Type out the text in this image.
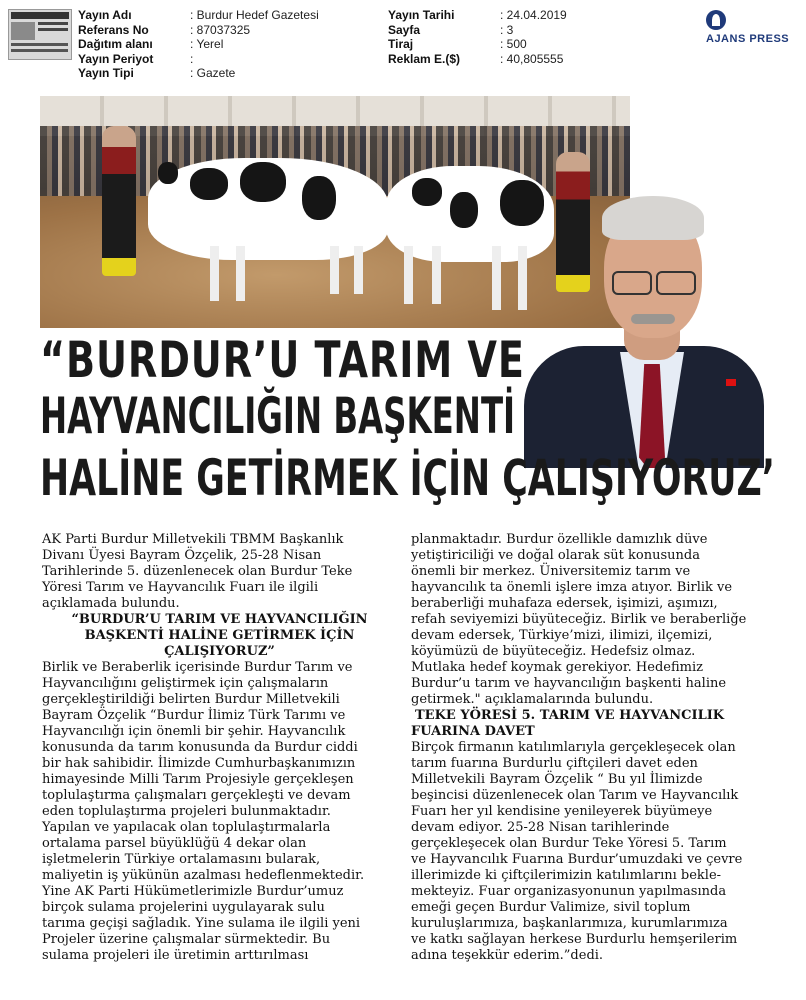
Yayın Adı	: Burdur Hedef Gazetesi
Referans No	: 87037325
Dağıtım alanı	: Yerel
Yayın Periyot	:
Yayın Tipi	: Gazete
Yayın Tarihi	: 24.04.2019
Sayfa	: 3
Tiraj	: 500
Reklam E.($)	: 40,805555
AJANS PRESS
“BURDUR’U TARIM VE
HAYVANCILIĞIN BAŞKENTİ
HALİNE GETİRMEK İÇİN ÇALIŞIYORUZ’
AK Parti Burdur Milletvekili TBMM Başkanlık
Divanı Üyesi Bayram Özçelik, 25-28 Nisan
Tarihlerinde 5. düzenlenecek olan Burdur Teke
Yöresi Tarım ve Hayvancılık Fuarı ile ilgili
açıklamada bulundu.
“BURDUR’U TARIM VE HAYVANCILIĞIN
BAŞKENTİ HALİNE GETİRMEK İÇİN
ÇALIŞIYORUZ”
Birlik ve Beraberlik içerisinde Burdur Tarım ve
Hayvancılığını geliştirmek için çalışmaların
gerçekleştirildiği belirten Burdur Milletvekili
Bayram Özçelik “Burdur İlimiz Türk Tarımı ve
Hayvancılığı için önemli bir şehir. Hayvancılık
konusunda da tarım konusunda da Burdur ciddi
bir hak sahibidir. İlimizde Cumhurbaşkanımızın
himayesinde Milli Tarım Projesiyle gerçekleşen
toplulaştırma çalışmaları gerçekleşti ve devam
eden toplulaştırma projeleri bulunmaktadır.
Yapılan ve yapılacak olan toplulaştırmalarla
ortalama parsel büyüklüğü 4 dekar olan
işletmelerin Türkiye ortalamasını bularak,
maliyetin iş yükünün azalması hedeflenmektedir.
Yine AK Parti Hükümetlerimizle Burdur’umuz
birçok sulama projelerini uygulayarak sulu
tarıma geçişi sağladık. Yine sulama ile ilgili yeni
Projeler üzerine çalışmalar sürmektedir. Bu
sulama projeleri ile üretimin arttırılması
planmaktadır. Burdur özellikle damızlık düve
yetiştiriciliği ve doğal olarak süt konusunda
önemli bir merkez. Üniversitemiz tarım ve
hayvancılık ta önemli işlere imza atıyor. Birlik ve
beraberliği muhafaza edersek, işimizi, aşımızı,
refah seviyemizi büyüteceğiz. Birlik ve beraberliğe
devam edersek, Türkiye’mizi, ilimizi, ilçemizi,
köyümüzü de büyüteceğiz. Hedefsiz olmaz.
Mutlaka hedef koymak gerekiyor. Hedefimiz
Burdur’u tarım ve hayvancılığın başkenti haline
getirmek." açıklamalarında bulundu.
TEKE YÖRESİ 5. TARIM VE HAYVANCILIK
FUARINA DAVET
Birçok firmanın katılımlarıyla gerçekleşecek olan
tarım fuarına Burdurlu çiftçileri davet eden
Milletvekili Bayram Özçelik “ Bu yıl İlimizde
beşincisi düzenlenecek olan Tarım ve Hayvancılık
Fuarı her yıl kendisine yenileyerek büyümeye
devam ediyor. 25-28 Nisan tarihlerinde
gerçekleşecek olan Burdur Teke Yöresi 5. Tarım
ve Hayvancılık Fuarına Burdur’umuzdaki ve çevre
illerimizde ki çiftçilerimizin katılımlarını bekle-
mekteyiz. Fuar organizasyonunun yapılmasında
emeği geçen Burdur Valimize, sivil toplum
kuruluşlarımıza, başkanlarımıza, kurumlarımıza
ve katkı sağlayan herkese Burdurlu hemşerilerim
adına teşekkür ederim.”dedi.
